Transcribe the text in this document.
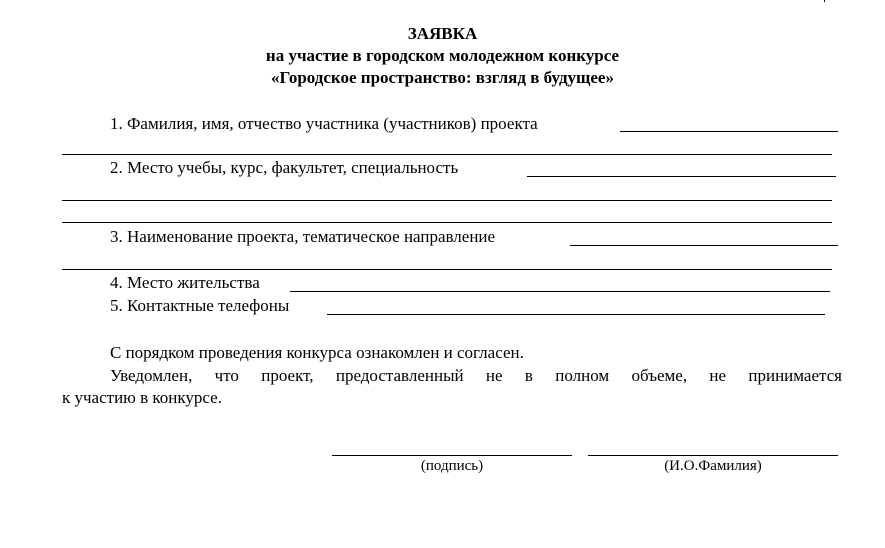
ЗАЯВКА
на участие в городском молодежном конкурсе
«Городское пространство: взгляд в будущее»
1. Фамилия, имя, отчество участника (участников) проекта
2. Место учебы, курс, факультет, специальность
3. Наименование проекта, тематическое направление
4. Место жительства
5. Контактные телефоны
С порядком проведения конкурса ознакомлен и согласен.
Уведомлен, что проект, предоставленный не в полном объеме, не принимается
к участию в конкурсе.
(подпись)	(И.О.Фамилия)
